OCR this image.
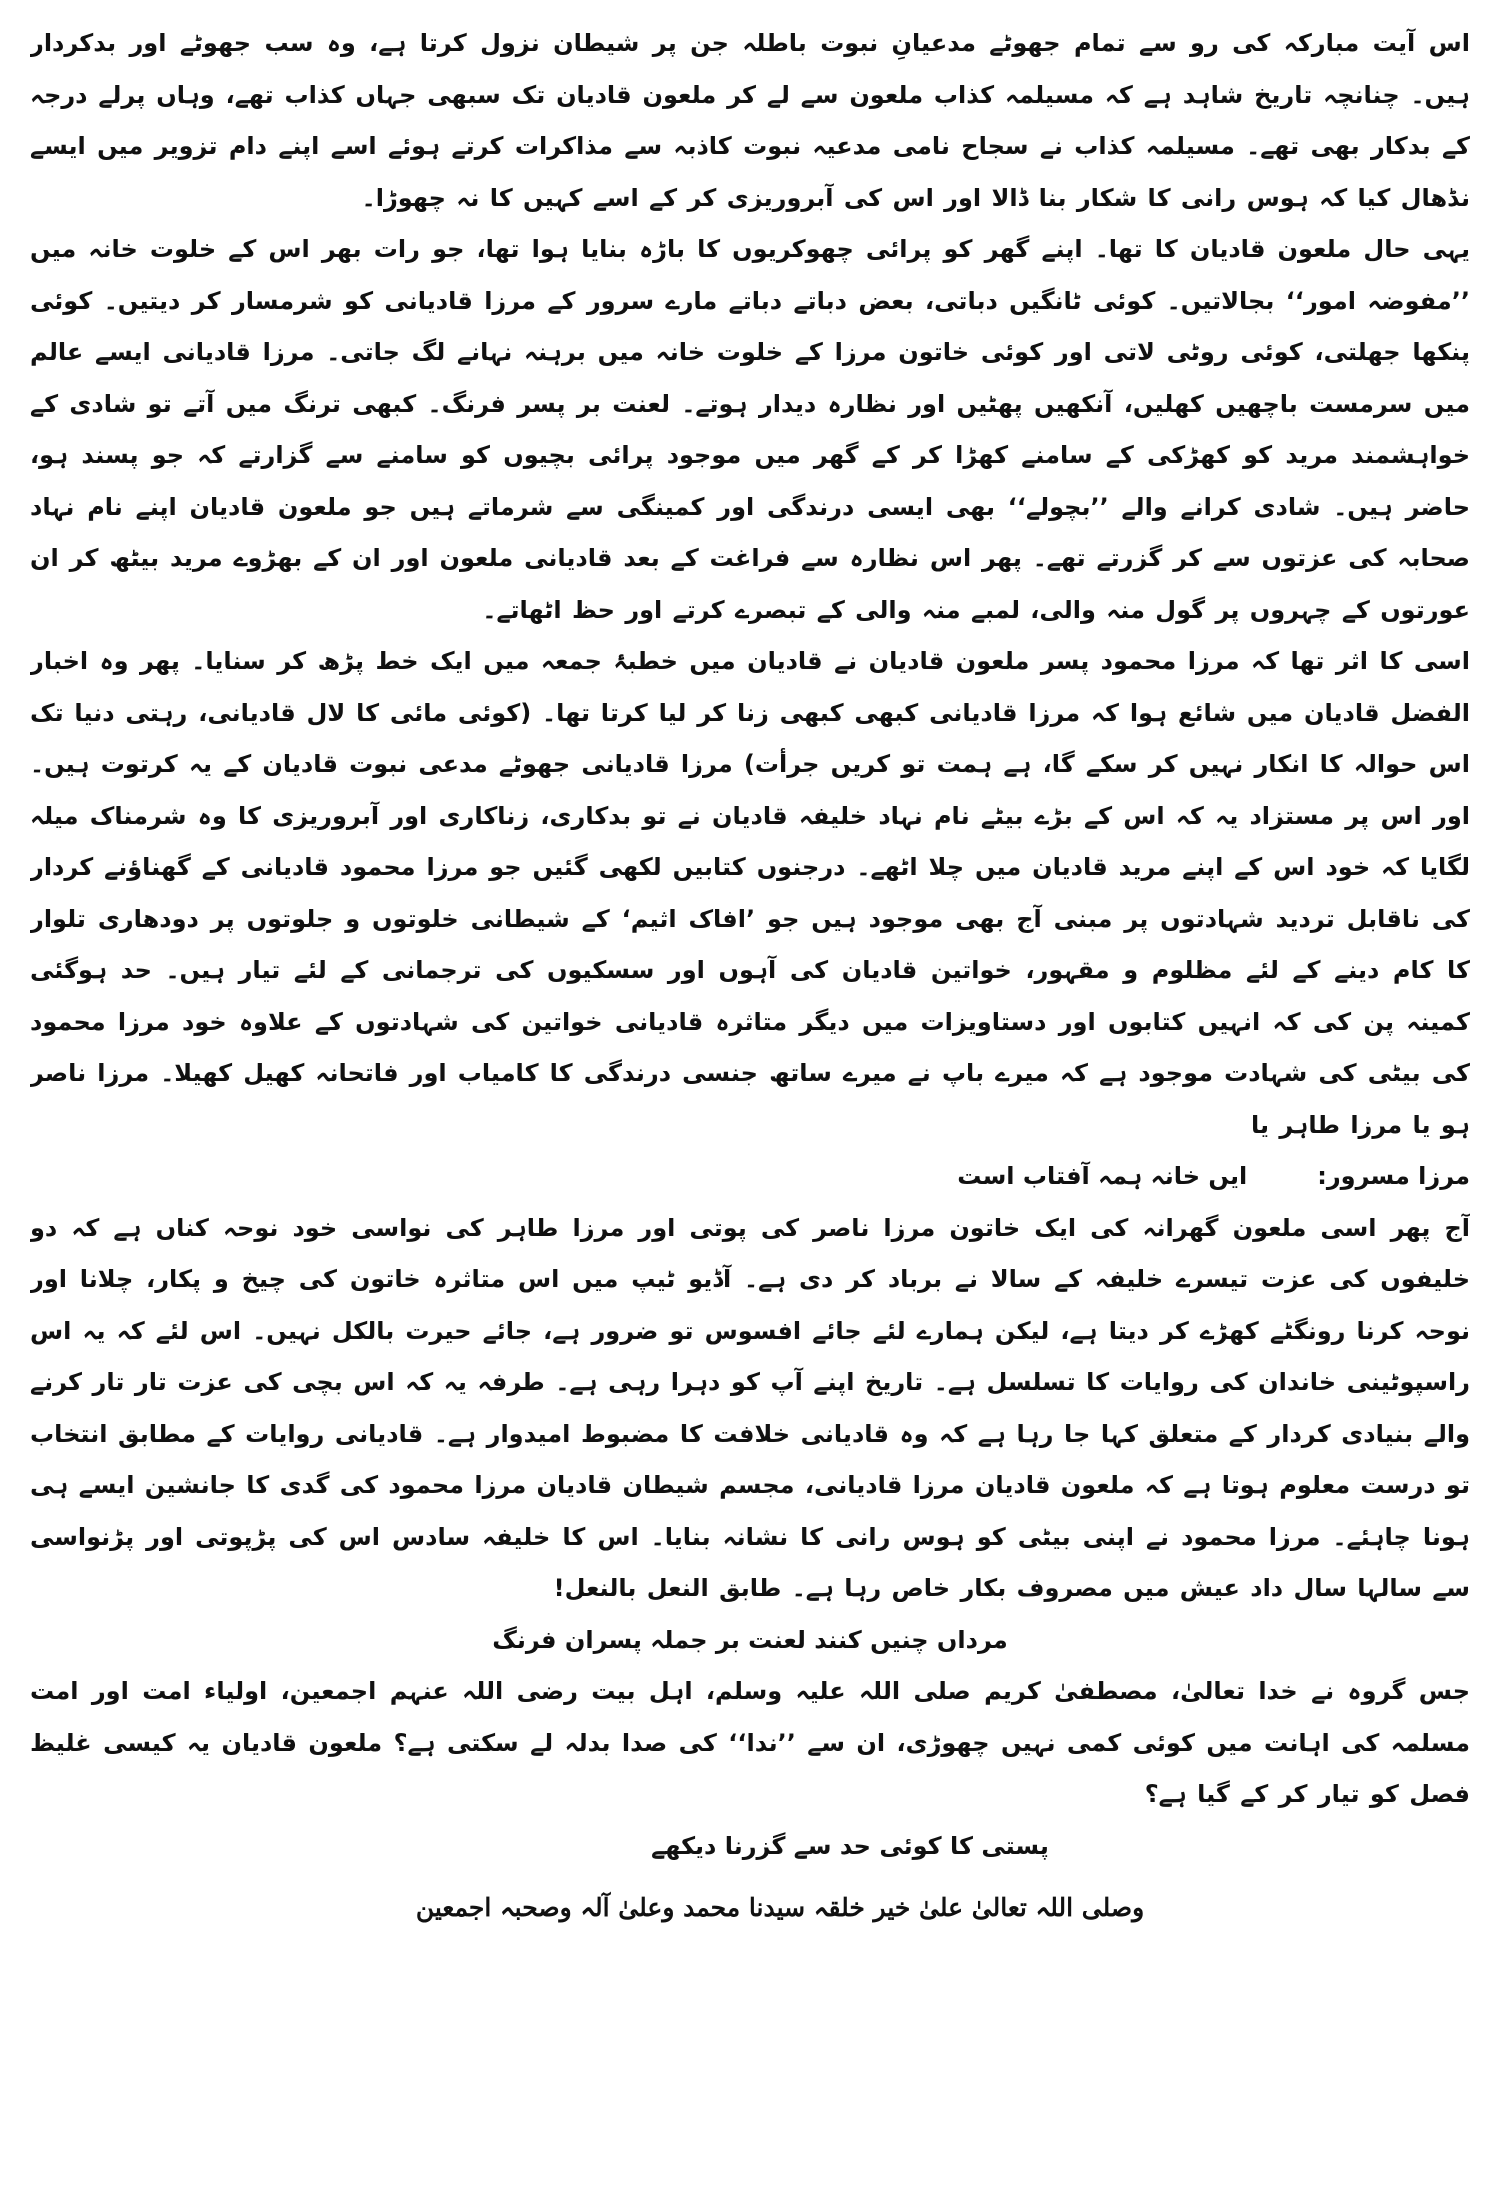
اس آیت مبارکہ کی رو سے تمام جھوٹے مدعیانِ نبوت باطلہ جن پر شیطان نزول کرتا ہے، وہ سب جھوٹے اور بدکردار ہیں۔ چنانچہ تاریخ شاہد ہے کہ مسیلمہ کذاب ملعون سے لے کر ملعون قادیان تک سبھی جہاں کذاب تھے، وہاں پرلے درجہ کے بدکار بھی تھے۔ مسیلمہ کذاب نے سجاح نامی مدعیہ نبوت کاذبہ سے مذاکرات کرتے ہوئے اسے اپنے دام تزویر میں ایسے نڈھال کیا کہ ہوس رانی کا شکار بنا ڈالا اور اس کی آبروریزی کر کے اسے کہیں کا نہ چھوڑا۔

یہی حال ملعون قادیان کا تھا۔ اپنے گھر کو پرائی چھوکریوں کا باڑہ بنایا ہوا تھا، جو رات بھر اس کے خلوت خانہ میں ’’مفوضہ امور‘‘ بجالاتیں۔ کوئی ٹانگیں دباتی، بعض دباتے دباتے مارے سرور کے مرزا قادیانی کو شرمسار کر دیتیں۔ کوئی پنکھا جھلتی، کوئی روٹی لاتی اور کوئی خاتون مرزا کے خلوت خانہ میں برہنہ نہانے لگ جاتی۔ مرزا قادیانی ایسے عالم میں سرمست باچھیں کھلیں، آنکھیں پھٹیں اور نظارہ دیدار ہوتے۔ لعنت بر پسر فرنگ۔ کبھی ترنگ میں آتے تو شادی کے خواہشمند مرید کو کھڑکی کے سامنے کھڑا کر کے گھر میں موجود پرائی بچیوں کو سامنے سے گزارتے کہ جو پسند ہو، حاضر ہیں۔ شادی کرانے والے ’’بچولے‘‘ بھی ایسی درندگی اور کمینگی سے شرماتے ہیں جو ملعون قادیان اپنے نام نہاد صحابہ کی عزتوں سے کر گزرتے تھے۔ پھر اس نظارہ سے فراغت کے بعد قادیانی ملعون اور ان کے بھڑوے مرید بیٹھ کر ان عورتوں کے چہروں پر گول منہ والی، لمبے منہ والی کے تبصرے کرتے اور حظ اٹھاتے۔

اسی کا اثر تھا کہ مرزا محمود پسر ملعون قادیان نے قادیان میں خطبۂ جمعہ میں ایک خط پڑھ کر سنایا۔ پھر وہ اخبار الفضل قادیان میں شائع ہوا کہ مرزا قادیانی کبھی کبھی زنا کر لیا کرتا تھا۔ (کوئی مائی کا لال قادیانی، رہتی دنیا تک اس حوالہ کا انکار نہیں کر سکے گا، ہے ہمت تو کریں جرأت) مرزا قادیانی جھوٹے مدعی نبوت قادیان کے یہ کرتوت ہیں۔ اور اس پر مستزاد یہ کہ اس کے بڑے بیٹے نام نہاد خلیفہ قادیان نے تو بدکاری، زناکاری اور آبروریزی کا وہ شرمناک میلہ لگایا کہ خود اس کے اپنے مرید قادیان میں چلا اٹھے۔ درجنوں کتابیں لکھی گئیں جو مرزا محمود قادیانی کے گھناؤنے کردار کی ناقابل تردید شہادتوں پر مبنی آج بھی موجود ہیں جو ’افاک اثیم‘ کے شیطانی خلوتوں و جلوتوں پر دودھاری تلوار کا کام دینے کے لئے مظلوم و مقہور، خواتین قادیان کی آہوں اور سسکیوں کی ترجمانی کے لئے تیار ہیں۔ حد ہوگئی کمینہ پن کی کہ انہیں کتابوں اور دستاویزات میں دیگر متاثرہ قادیانی خواتین کی شہادتوں کے علاوہ خود مرزا محمود کی بیٹی کی شہادت موجود ہے کہ میرے باپ نے میرے ساتھ جنسی درندگی کا کامیاب اور فاتحانہ کھیل کھیلا۔ مرزا ناصر ہو یا مرزا طاہر یا

مرزا مسرور:
ایں خانہ ہمہ آفتاب است

آج پھر اسی ملعون گھرانہ کی ایک خاتون مرزا ناصر کی پوتی اور مرزا طاہر کی نواسی خود نوحہ کناں ہے کہ دو خلیفوں کی عزت تیسرے خلیفہ کے سالا نے برباد کر دی ہے۔ آڈیو ٹیپ میں اس متاثرہ خاتون کی چیخ و پکار، چلانا اور نوحہ کرنا رونگٹے کھڑے کر دیتا ہے، لیکن ہمارے لئے جائے افسوس تو ضرور ہے، جائے حیرت بالکل نہیں۔ اس لئے کہ یہ اس راسپوٹینی خاندان کی روایات کا تسلسل ہے۔ تاریخ اپنے آپ کو دہرا رہی ہے۔ طرفہ یہ کہ اس بچی کی عزت تار تار کرنے والے بنیادی کردار کے متعلق کہا جا رہا ہے کہ وہ قادیانی خلافت کا مضبوط امیدوار ہے۔ قادیانی روایات کے مطابق انتخاب تو درست معلوم ہوتا ہے کہ ملعون قادیان مرزا قادیانی، مجسم شیطان قادیان مرزا محمود کی گدی کا جانشین ایسے ہی ہونا چاہئے۔ مرزا محمود نے اپنی بیٹی کو ہوس رانی کا نشانہ بنایا۔ اس کا خلیفہ سادس اس کی پڑپوتی اور پڑنواسی سے سالہا سال داد عیش میں مصروف بکار خاص رہا ہے۔ طابق النعل بالنعل!

مرداں چنیں کنند لعنت بر جملہ پسران فرنگ

جس گروہ نے خدا تعالیٰ، مصطفیٰ کریم صلی اللہ علیہ وسلم، اہل بیت رضی اللہ عنہم اجمعین، اولیاء امت اور امت مسلمہ کی اہانت میں کوئی کمی نہیں چھوڑی، ان سے ’’ندا‘‘ کی صدا بدلہ لے سکتی ہے؟ ملعون قادیان یہ کیسی غلیظ فصل کو تیار کر کے گیا ہے؟

پستی کا کوئی حد سے گزرنا دیکھے

وصلی اللہ تعالیٰ علیٰ خیر خلقہ سیدنا محمد وعلیٰ آلہ وصحبہ اجمعین
